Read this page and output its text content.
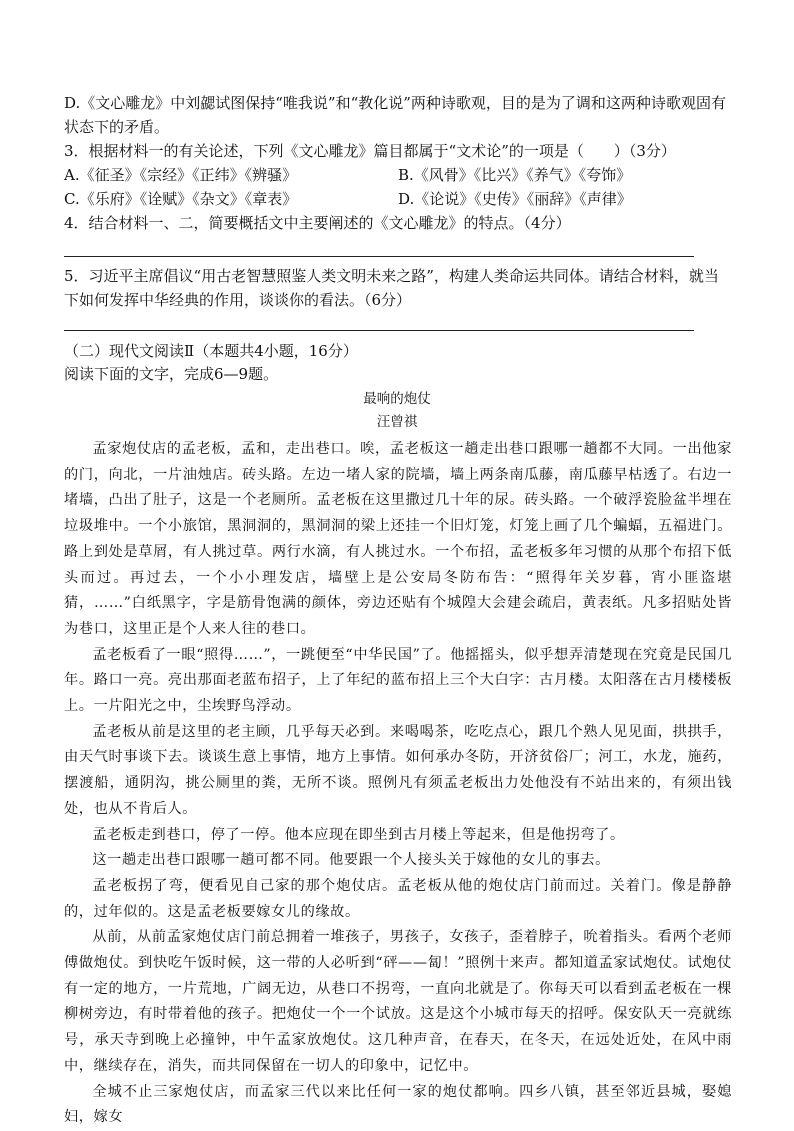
D.《文心雕龙》中刘勰试图保持“唯我说”和“教化说”两种诗歌观，目的是为了调和这两种诗歌观固有状态下的矛盾。
3．根据材料一的有关论述，下列《文心雕龙》篇目都属于“文术论”的一项是（　　）（3分）
A.《征圣》《宗经》《正纬》《辨骚》	B.《风骨》《比兴》《养气》《夸饰》
C.《乐府》《诠赋》《杂文》《章表》	D.《论说》《史传》《丽辞》《声律》
4．结合材料一、二，简要概括文中主要阐述的《文心雕龙》的特点。（4分）
5．习近平主席倡议“用古老智慧照鉴人类文明未来之路”，构建人类命运共同体。请结合材料，就当下如何发挥中华经典的作用，谈谈你的看法。（6分）
（二）现代文阅读Ⅱ（本题共4小题，16分）
阅读下面的文字，完成6—9题。
最响的炮仗
汪曾祺

孟家炮仗店的孟老板，孟和，走出巷口。唉，孟老板这一趟走出巷口跟哪一趟都不大同。一出他家的门，向北，一片油烛店。砖头路。左边一堵人家的院墙，墙上两条南瓜藤，南瓜藤早枯透了。右边一堵墙，凸出了肚子，这是一个老厕所。孟老板在这里撒过几十年的尿。砖头路。一个破浮瓷脸盆半埋在垃圾堆中。一个小旅馆，黑洞洞的，黑洞洞的梁上还挂一个旧灯笼，灯笼上画了几个蝙蝠，五福进门。路上到处是草屑，有人挑过草。两行水滴，有人挑过水。一个布招，孟老板多年习惯的从那个布招下低头而过。再过去，一个小小理发店，墙壁上是公安局冬防布告：“照得年关岁暮，宵小匪盗堪猜，……”白纸黑字，字是筋骨饱满的颜体，旁边还贴有个城隍大会建会疏启，黄表纸。凡多招贴处皆为巷口，这里正是个人来人往的巷口。

孟老板看了一眼“照得……”，一跳便至“中华民国”了。他摇摇头，似乎想弄清楚现在究竟是民国几年。路口一亮。亮出那面老蓝布招子，上了年纪的蓝布招上三个大白字：古月楼。太阳落在古月楼楼板上。一片阳光之中，尘埃野鸟浮动。

孟老板从前是这里的老主顾，几乎每天必到。来喝喝茶，吃吃点心，跟几个熟人见见面，拱拱手，由天气时事谈下去。谈谈生意上事情，地方上事情。如何承办冬防，开济贫俗厂；河工，水龙，施药，摆渡船，通阴沟，挑公厕里的粪，无所不谈。照例凡有须孟老板出力处他没有不站出来的，有须出钱处，也从不肯后人。

孟老板走到巷口，停了一停。他本应现在即坐到古月楼上等起来，但是他拐弯了。

这一趟走出巷口跟哪一趟可都不同。他要跟一个人接头关于嫁他的女儿的事去。

孟老板拐了弯，便看见自己家的那个炮仗店。孟老板从他的炮仗店门前而过。关着门。像是静静的，过年似的。这是孟老板要嫁女儿的缘故。

从前，从前孟家炮仗店门前总拥着一堆孩子，男孩子，女孩子，歪着脖子，吮着指头。看两个老师傅做炮仗。到快吃午饭时候，这一带的人必听到“砰——匐！”照例十来声。都知道孟家试炮仗。试炮仗有一定的地方，一片荒地，广阔无边，从巷口不拐弯，一直向北就是了。你每天可以看到孟老板在一棵柳树旁边，有时带着他的孩子。把炮仗一个一个试放。这是这个小城市每天的招呼。保安队天一亮就练号，承天寺到晚上必撞钟，中午孟家放炮仗。这几种声音，在春天，在冬天，在远处近处，在风中雨中，继续存在，消失，而共同保留在一切人的印象中，记忆中。

全城不止三家炮仗店，而孟家三代以来比任何一家的炮仗都响。四乡八镇，甚至邻近县城，娶媳妇，嫁女
